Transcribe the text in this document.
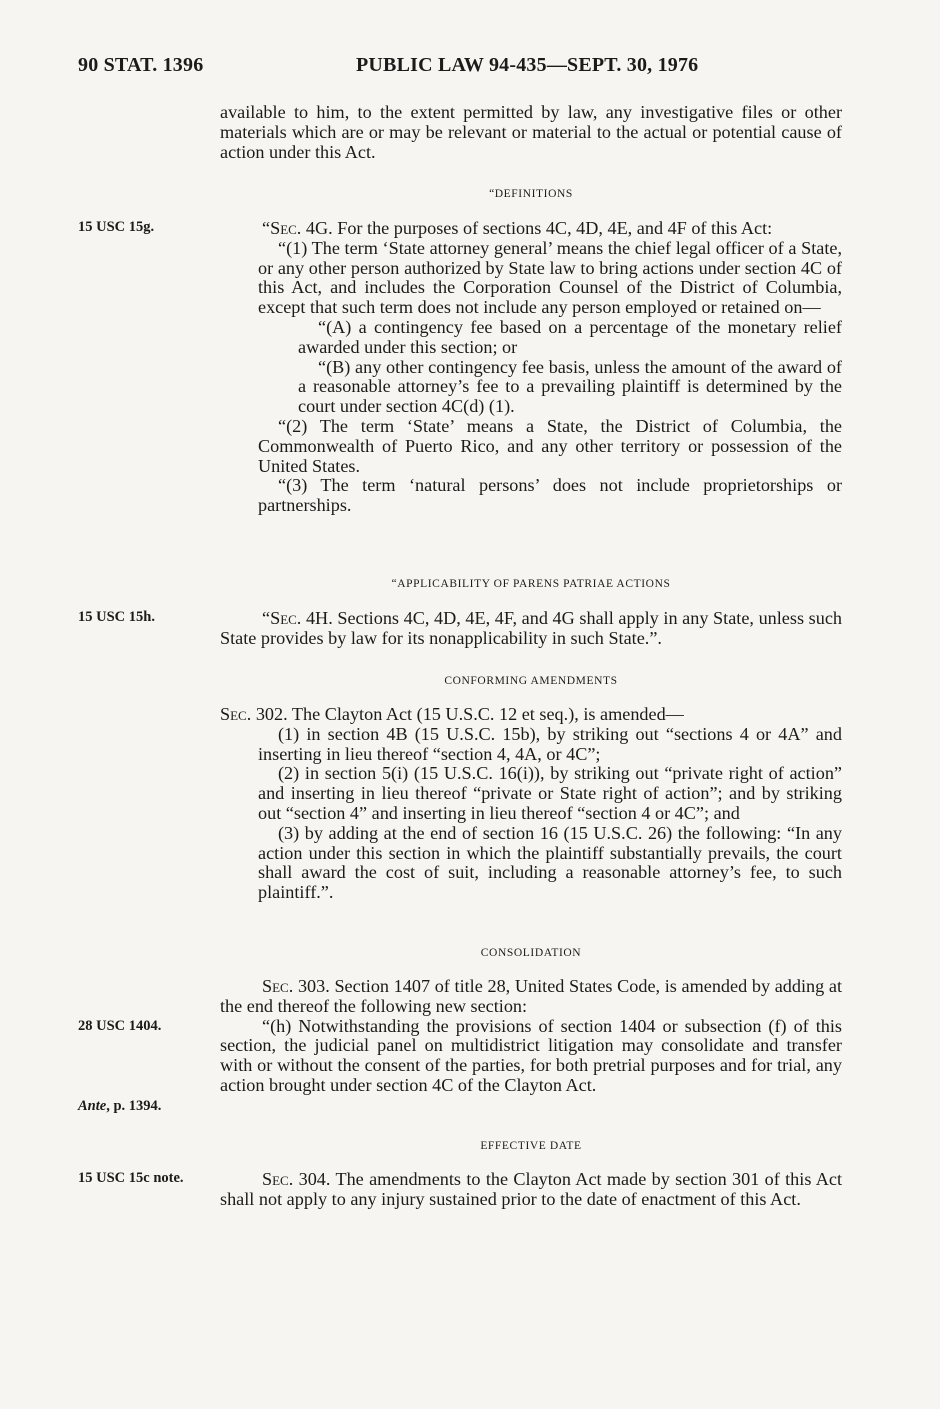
90 STAT. 1396	PUBLIC LAW 94-435—SEPT. 30, 1976
15 USC 15g.
15 USC 15h.
28 USC 1404.
Ante, p. 1394.
15 USC 15c note.

available to him, to the extent permitted by law, any investigative files or other materials which are or may be relevant or material to the actual or potential cause of action under this Act.

“DEFINITIONS

“Sec. 4G. For the purposes of sections 4C, 4D, 4E, and 4F of this Act:

“(1) The term ‘State attorney general’ means the chief legal officer of a State, or any other person authorized by State law to bring actions under section 4C of this Act, and includes the Corporation Counsel of the District of Columbia, except that such term does not include any person employed or retained on—

“(A) a contingency fee based on a percentage of the monetary relief awarded under this section; or

“(B) any other contingency fee basis, unless the amount of the award of a reasonable attorney’s fee to a prevailing plaintiff is determined by the court under section 4C(d) (1).

“(2) The term ‘State’ means a State, the District of Columbia, the Commonwealth of Puerto Rico, and any other territory or possession of the United States.

“(3) The term ‘natural persons’ does not include proprietorships or partnerships.

“APPLICABILITY OF PARENS PATRIAE ACTIONS

“Sec. 4H. Sections 4C, 4D, 4E, 4F, and 4G shall apply in any State, unless such State provides by law for its nonapplicability in such State.”.

CONFORMING AMENDMENTS

Sec. 302. The Clayton Act (15 U.S.C. 12 et seq.), is amended—

(1) in section 4B (15 U.S.C. 15b), by striking out “sections 4 or 4A” and inserting in lieu thereof “section 4, 4A, or 4C”;

(2) in section 5(i) (15 U.S.C. 16(i)), by striking out “private right of action” and inserting in lieu thereof “private or State right of action”; and by striking out “section 4” and inserting in lieu thereof “section 4 or 4C”; and

(3) by adding at the end of section 16 (15 U.S.C. 26) the following: “In any action under this section in which the plaintiff substantially prevails, the court shall award the cost of suit, including a reasonable attorney’s fee, to such plaintiff.”.

CONSOLIDATION

Sec. 303. Section 1407 of title 28, United States Code, is amended by adding at the end thereof the following new section:

“(h) Notwithstanding the provisions of section 1404 or subsection (f) of this section, the judicial panel on multidistrict litigation may consolidate and transfer with or without the consent of the parties, for both pretrial purposes and for trial, any action brought under section 4C of the Clayton Act.

EFFECTIVE DATE

Sec. 304. The amendments to the Clayton Act made by section 301 of this Act shall not apply to any injury sustained prior to the date of enactment of this Act.
